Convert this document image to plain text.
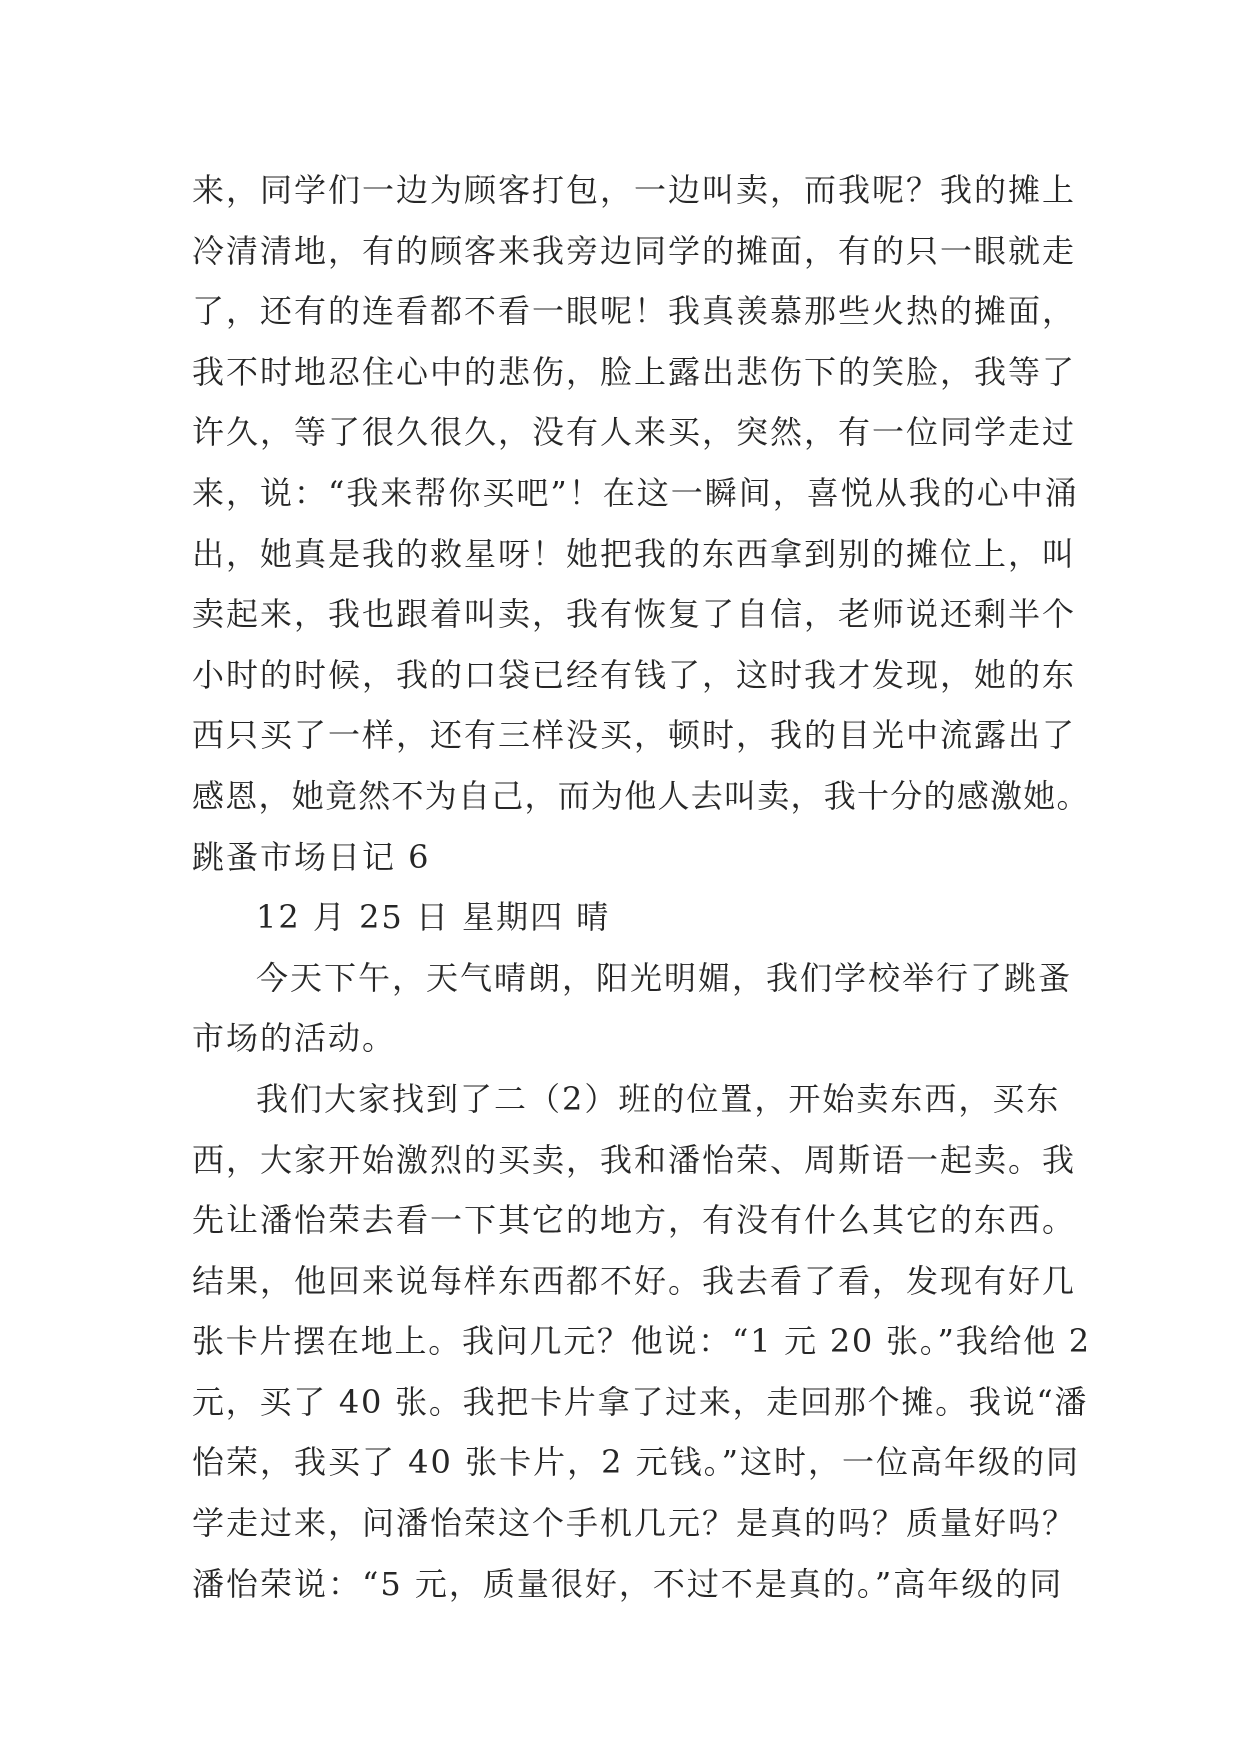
来，同学们一边为顾客打包，一边叫卖，而我呢？我的摊上
冷清清地，有的顾客来我旁边同学的摊面，有的只一眼就走
了，还有的连看都不看一眼呢！我真羡慕那些火热的摊面，
我不时地忍住心中的悲伤，脸上露出悲伤下的笑脸，我等了
许久，等了很久很久，没有人来买，突然，有一位同学走过
来，说：“我来帮你买吧”！在这一瞬间，喜悦从我的心中涌
出，她真是我的救星呀！她把我的东西拿到别的摊位上，叫
卖起来，我也跟着叫卖，我有恢复了自信，老师说还剩半个
小时的时候，我的口袋已经有钱了，这时我才发现，她的东
西只买了一样，还有三样没买，顿时，我的目光中流露出了
感恩，她竟然不为自己，而为他人去叫卖，我十分的感激她。
跳蚤市场日记 6
12 月 25 日 星期四 晴
今天下午，天气晴朗，阳光明媚，我们学校举行了跳蚤
市场的活动。
我们大家找到了二（2）班的位置，开始卖东西，买东
西，大家开始激烈的买卖，我和潘怡荣、周斯语一起卖。我
先让潘怡荣去看一下其它的地方，有没有什么其它的东西。
结果，他回来说每样东西都不好。我去看了看，发现有好几
张卡片摆在地上。我问几元？他说：“1 元 20 张。”我给他 2
元，买了 40 张。我把卡片拿了过来，走回那个摊。我说“潘
怡荣，我买了 40 张卡片，2 元钱。”这时，一位高年级的同
学走过来，问潘怡荣这个手机几元？是真的吗？质量好吗？
潘怡荣说：“5 元，质量很好，不过不是真的。”高年级的同
